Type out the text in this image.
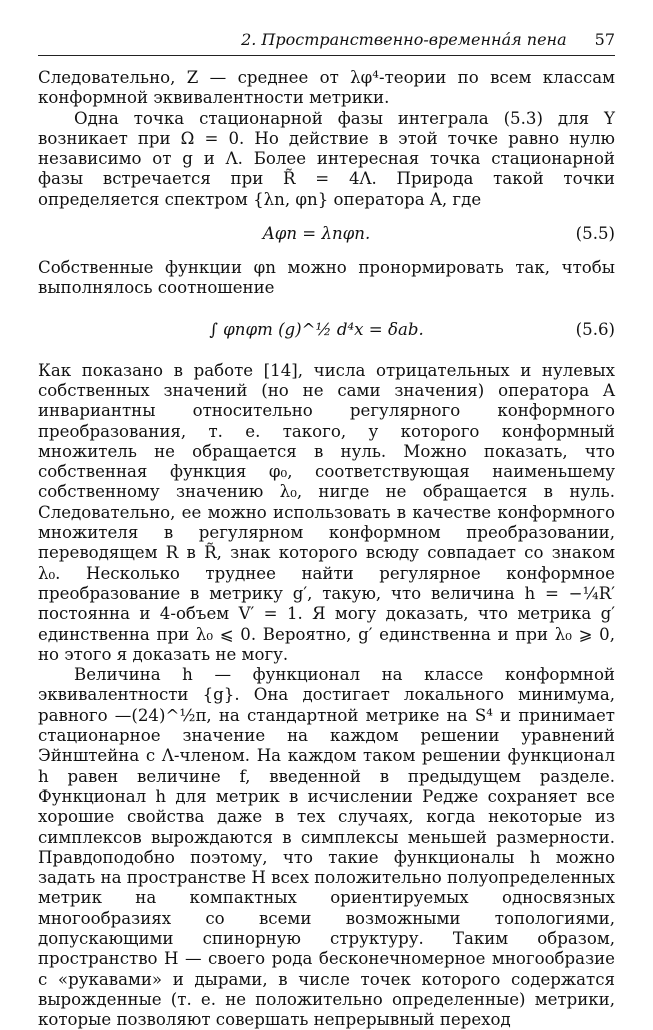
2. Пространственно-временна́я пена 57

Следовательно, Z — среднее от λφ⁴-теории по всем классам конформной эквивалентности метрики.

Одна точка стационарной фазы интеграла (5.3) для Y возникает при Ω = 0. Но действие в этой точке равно нулю независимо от g и Λ. Более интересная точка стационарной фазы встречается при R̃ = 4Λ. Природа такой точки определяется спектром {λn, φn} оператора A, где

Aφn = λnφn.	(5.5)

Собственные функции φn можно пронормировать так, чтобы выполнялось соотношение

∫ φnφm (g)^½ d⁴x = δab.	(5.6)

Как показано в работе [14], числа отрицательных и нулевых собственных значений (но не сами значения) оператора A инвариантны относительно регулярного конформного преобразования, т. е. такого, у которого конформный множитель не обращается в нуль. Можно показать, что собственная функция φ₀, соответствующая наименьшему собственному значению λ₀, нигде не обращается в нуль. Следовательно, ее можно использовать в качестве конформного множителя в регулярном конформном преобразовании, переводящем R в R̃, знак которого всюду совпадает со знаком λ₀. Несколько труднее найти регулярное конформное преобразование в метрику g′, такую, что величина h = −¼R′ постоянна и 4-объем V′ = 1. Я могу доказать, что метрика g′ единственна при λ₀ ⩽ 0. Вероятно, g′ единственна и при λ₀ ⩾ 0, но этого я доказать не могу.

Величина h — функционал на классе конформной эквивалентности {g}. Она достигает локального минимума, равного —(24)^½π, на стандартной метрике на S⁴ и принимает стационарное значение на каждом решении уравнений Эйнштейна с Λ-членом. На каждом таком решении функционал h равен величине f, введенной в предыдущем разделе. Функционал h для метрик в исчислении Редже сохраняет все хорошие свойства даже в тех случаях, когда некоторые из симплексов вырождаются в симплексы меньшей размерности. Правдоподобно поэтому, что такие функционалы h можно задать на пространстве H всех положительно полуопределенных метрик на компактных ориентируемых односвязных многообразиях со всеми возможными топологиями, допускающими спинорную структуру. Таким образом, пространство H — своего рода бесконечномерное многообразие с «рукавами» и дырами, в числе точек которого содержатся вырожденные (т. е. не положительно определенные) метрики, которые позволяют совершать непрерывный переход
